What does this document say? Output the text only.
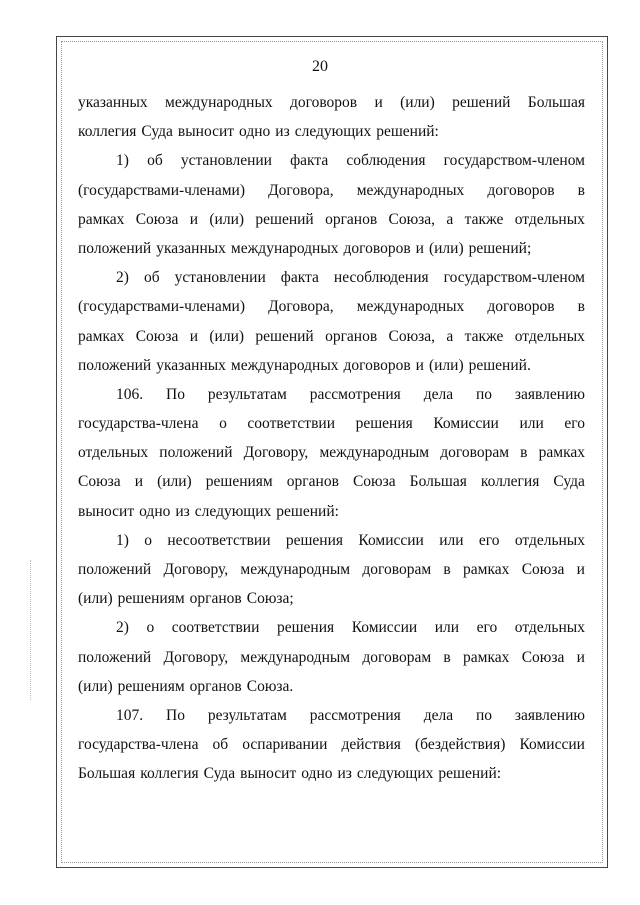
20
указанных международных договоров и (или) решений Большая
коллегия Суда выносит одно из следующих решений:
1) об установлении факта соблюдения государством-членом
(государствами-членами) Договора, международных договоров в
рамках Союза и (или) решений органов Союза, а также отдельных
положений указанных международных договоров и (или) решений;
2) об установлении факта несоблюдения государством-членом
(государствами-членами) Договора, международных договоров в
рамках Союза и (или) решений органов Союза, а также отдельных
положений указанных международных договоров и (или) решений.
106. По результатам рассмотрения дела по заявлению
государства-члена о соответствии решения Комиссии или его
отдельных положений Договору, международным договорам в рамках
Союза и (или) решениям органов Союза Большая коллегия Суда
выносит одно из следующих решений:
1) о несоответствии решения Комиссии или его отдельных
положений Договору, международным договорам в рамках Союза и
(или) решениям органов Союза;
2) о соответствии решения Комиссии или его отдельных
положений Договору, международным договорам в рамках Союза и
(или) решениям органов Союза.
107. По результатам рассмотрения дела по заявлению
государства-члена об оспаривании действия (бездействия) Комиссии
Большая коллегия Суда выносит одно из следующих решений:
